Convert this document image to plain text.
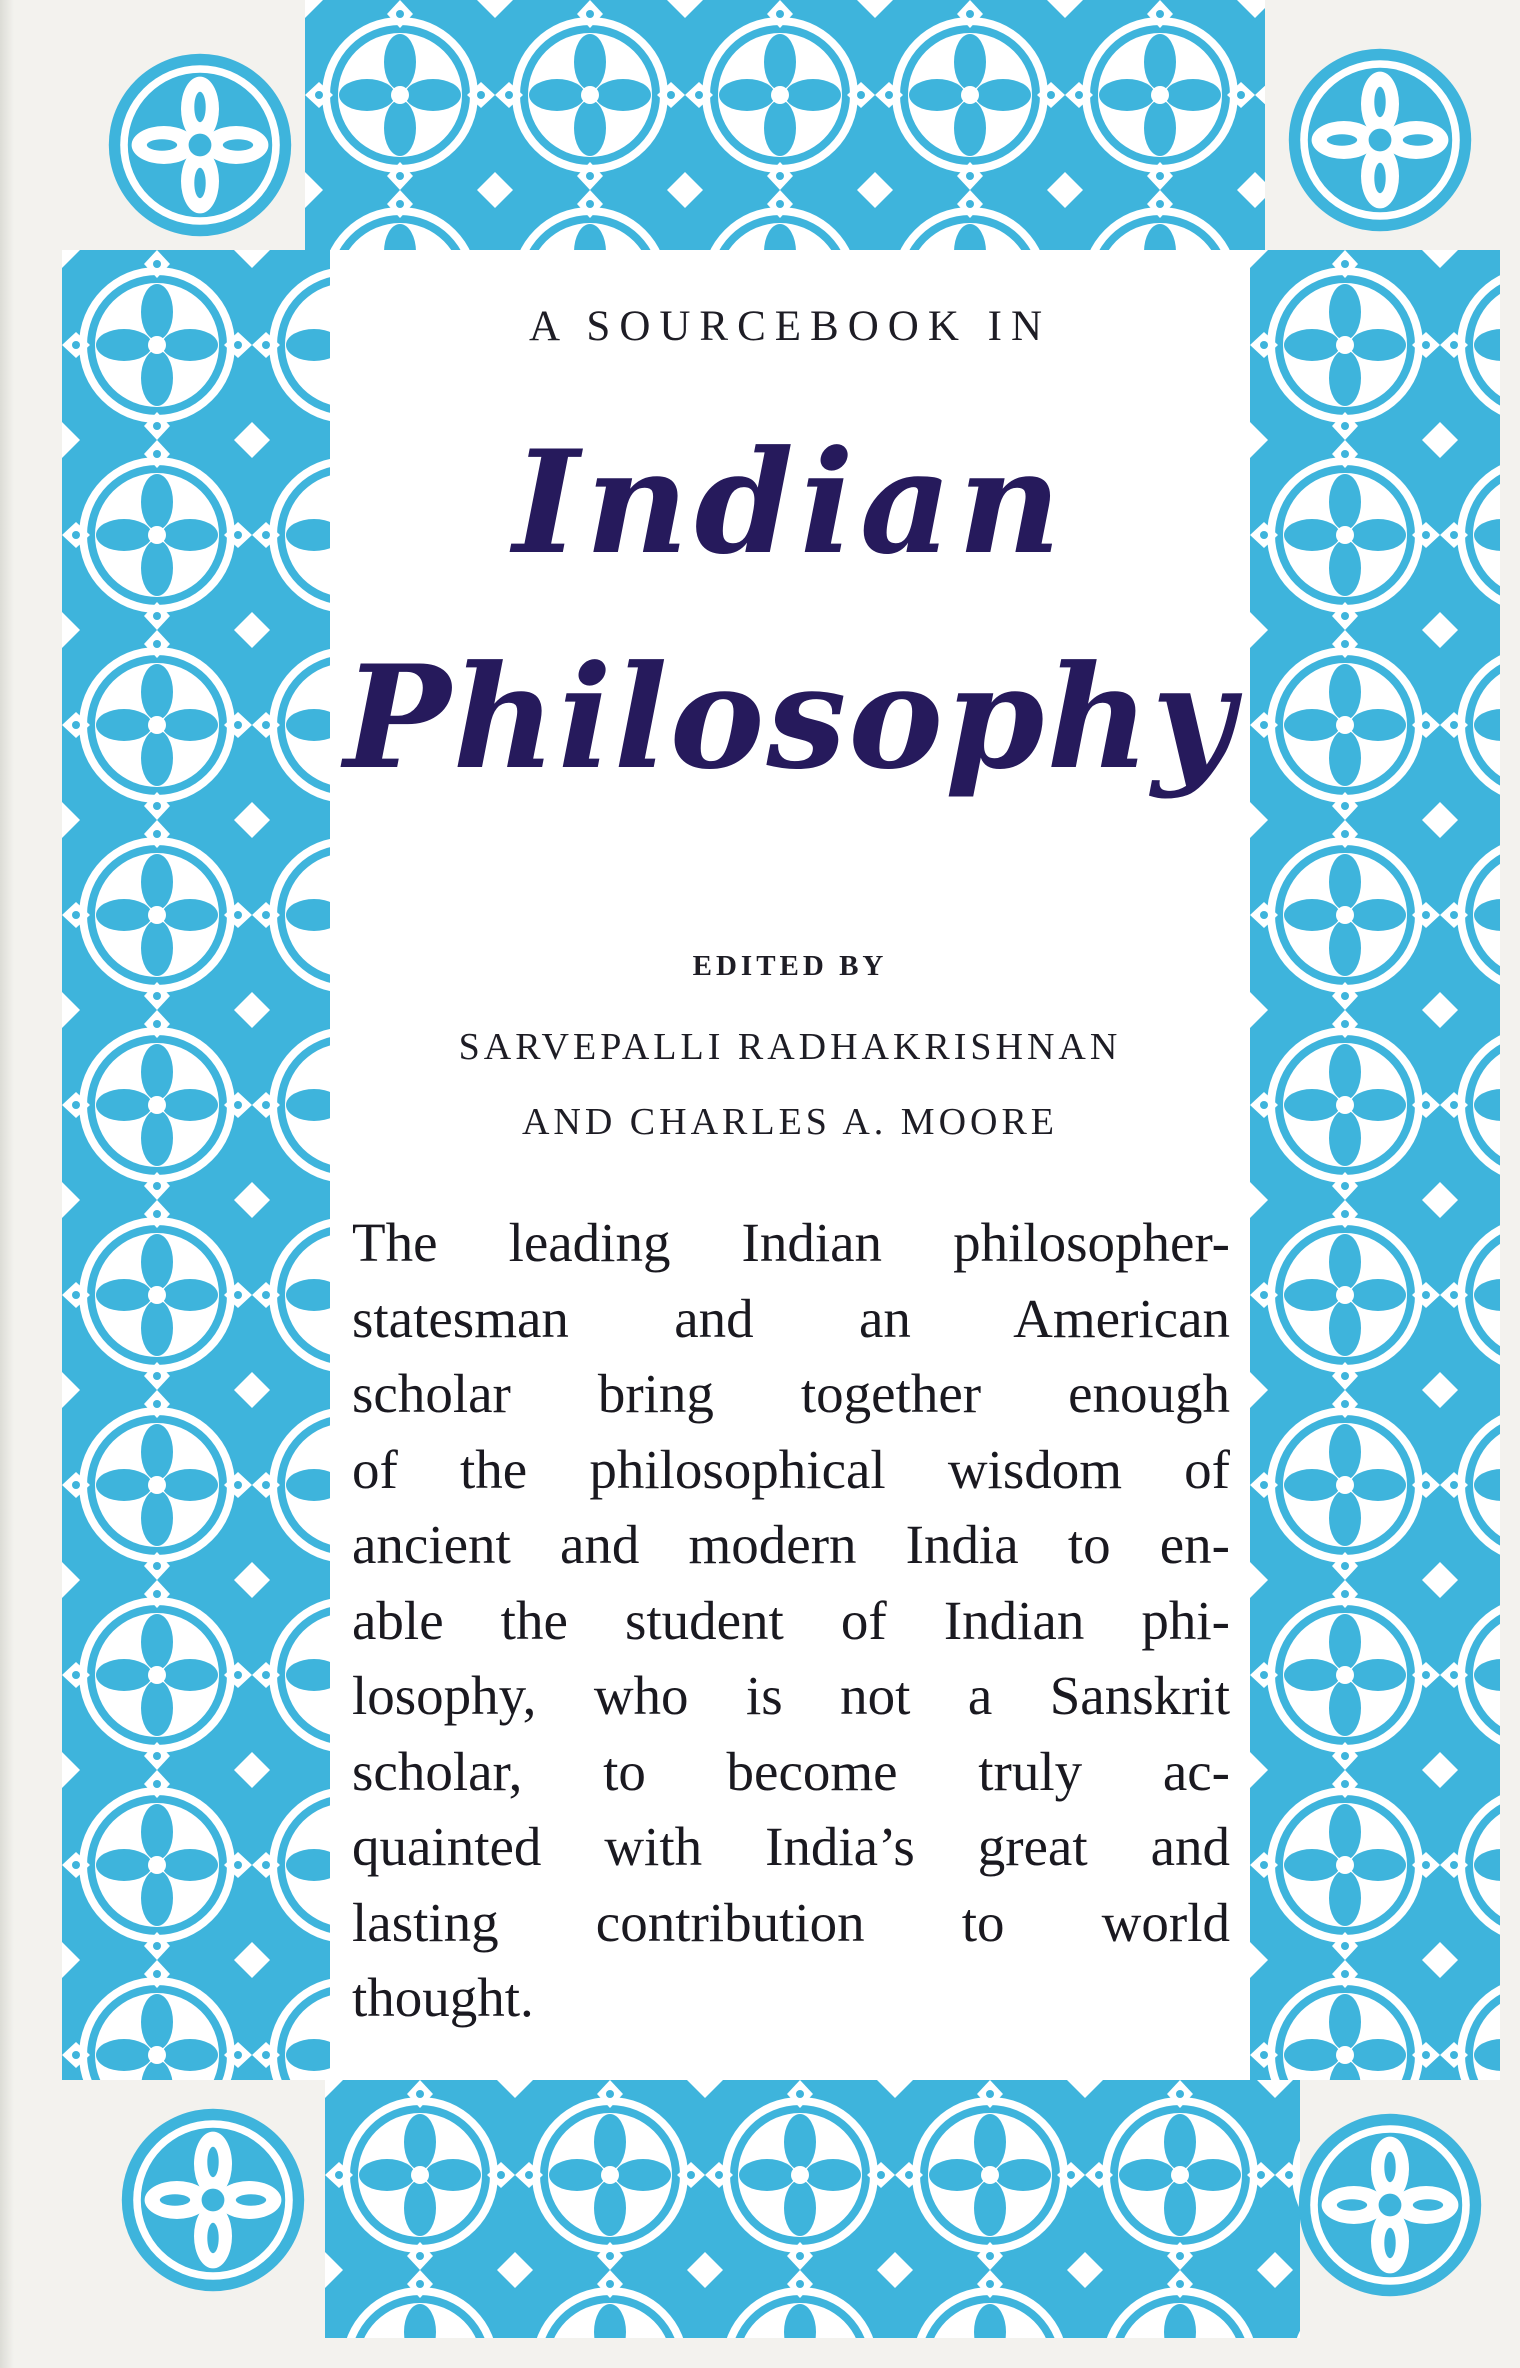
A SOURCEBOOK IN
Indian
Philosophy
EDITED BY
SARVEPALLI RADHAKRISHNAN
AND CHARLES A. MOORE
The leading Indian philosopher-
statesman and an American
scholar bring together enough
of the philosophical wisdom of
ancient and modern India to en-
able the student of Indian phi-
losophy, who is not a Sanskrit
scholar, to become truly ac-
quainted with India’s great and
lasting contribution to world
thought.
